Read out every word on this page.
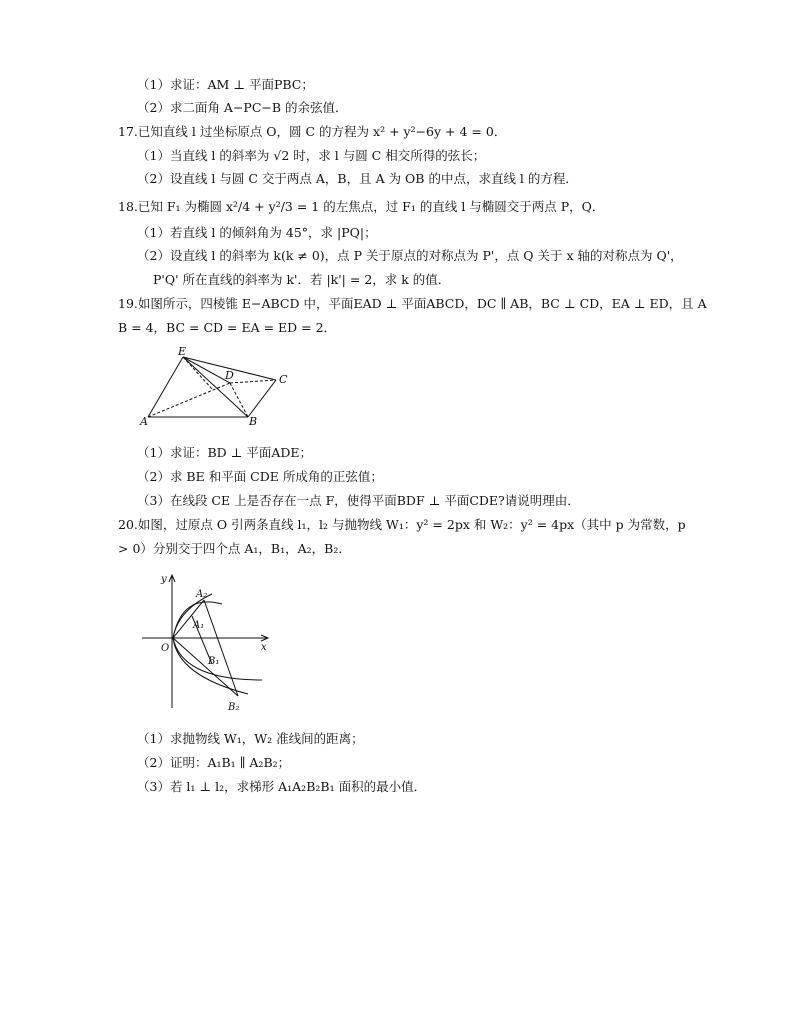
（1）求证：AM ⊥ 平面PBC；
（2）求二面角 A−PC−B 的余弦值．
17.已知直线 l 过坐标原点 O，圆 C 的方程为 x² + y²−6y + 4 = 0．
（1）当直线 l 的斜率为 √2 时，求 l 与圆 C 相交所得的弦长；
（2）设直线 l 与圆 C 交于两点 A，B，且 A 为 OB 的中点，求直线 l 的方程．
18.已知 F₁ 为椭圆 x²/4 + y²/3 = 1 的左焦点，过 F₁ 的直线 l 与椭圆交于两点 P，Q．
（1）若直线 l 的倾斜角为 45°，求 |PQ|；
（2）设直线 l 的斜率为 k(k ≠ 0)，点 P 关于原点的对称点为 P'，点 Q 关于 x 轴的对称点为 Q'，
P'Q' 所在直线的斜率为 k'．若 |k'| = 2，求 k 的值．
19.如图所示，四棱锥 E−ABCD 中，平面EAD ⊥ 平面ABCD，DC ∥ AB，BC ⊥ CD，EA ⊥ ED，且 A
B = 4，BC = CD = EA = ED = 2．
E
D	C
A	B
（1）求证：BD ⊥ 平面ADE；
（2）求 BE 和平面 CDE 所成角的正弦值；
（3）在线段 CE 上是否存在一点 F，使得平面BDF ⊥ 平面CDE?请说明理由．
20.如图，过原点 O 引两条直线 l₁，l₂ 与抛物线 W₁：y² = 2px 和 W₂：y² = 4px（其中 p 为常数，p
> 0）分别交于四个点 A₁，B₁，A₂，B₂．
y
x
O
A₂
A₁
B₁
B₂
（1）求抛物线 W₁，W₂ 准线间的距离；
（2）证明：A₁B₁ ∥ A₂B₂；
（3）若 l₁ ⊥ l₂，求梯形 A₁A₂B₂B₁ 面积的最小值．
